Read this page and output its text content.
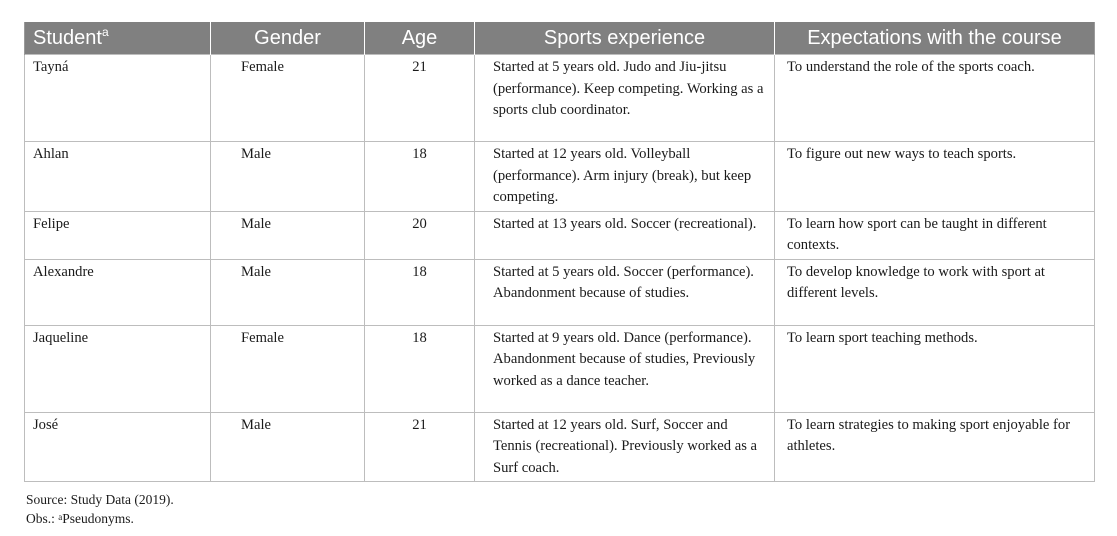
Student$^a$	Gender	Age	Sports experience	Expectations with the course
Tayná	Female	21	Started at 5 years old. Judo and Jiu-jitsu (performance). Keep competing. Working as a sports club coordinator.	To understand the role of the sports coach.
Ahlan	Male	18	Started at 12 years old. Volleyball (performance). Arm injury (break), but keep competing.	To figure out new ways to teach sports.
Felipe	Male	20	Started at 13 years old. Soccer (recreational).	To learn how sport can be taught in different contexts.
Alexandre	Male	18	Started at 5 years old. Soccer (performance). Abandonment because of studies.	To develop knowledge to work with sport at different levels.
Jaqueline	Female	18	Started at 9 years old. Dance (performance). Abandonment because of studies, Previously worked as a dance teacher.	To learn sport teaching methods.
José	Male	21	Started at 12 years old. Surf, Soccer and Tennis (recreational). Previously worked as a Surf coach.	To learn strategies to making sport enjoyable for athletes.
Source: Study Data (2019).
Obs.: $^a$Pseudonyms.
